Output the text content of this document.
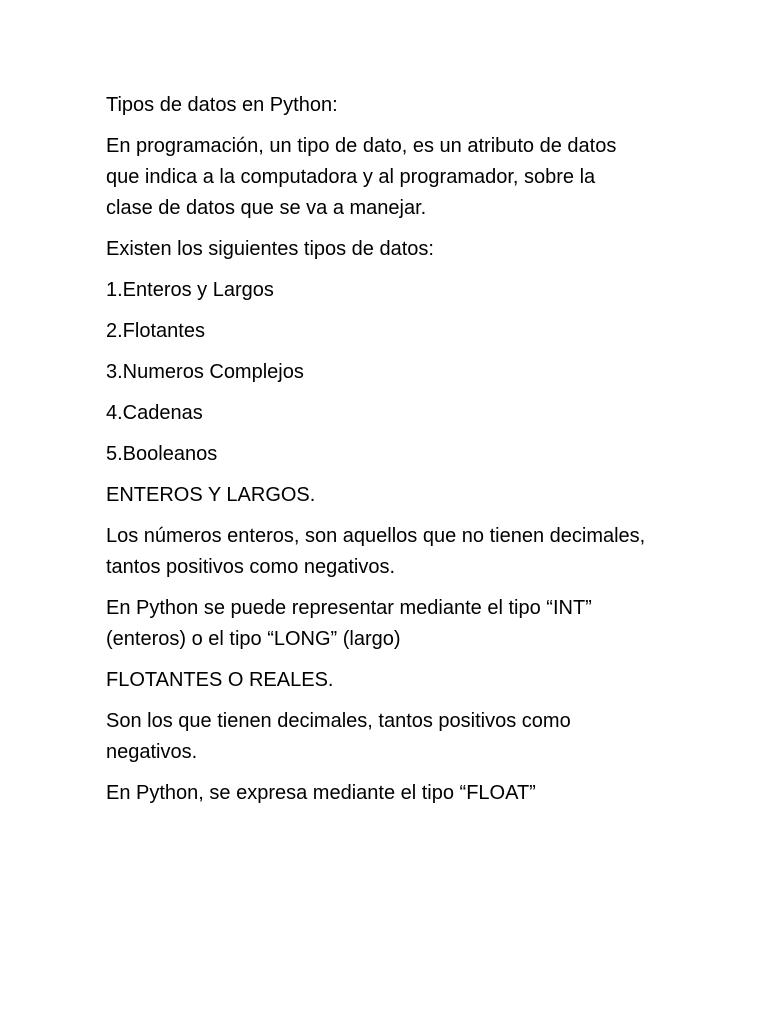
Tipos de datos en Python:

En programación, un tipo de dato, es un atributo de datos
que indica a la computadora y al programador, sobre la
clase de datos que se va a manejar.

Existen los siguientes tipos de datos:

1.Enteros y Largos

2.Flotantes

3.Numeros Complejos

4.Cadenas

5.Booleanos

ENTEROS Y LARGOS.

Los números enteros, son aquellos que no tienen decimales,
tantos positivos como negativos.

En Python se puede representar mediante el tipo “INT”
(enteros) o el tipo “LONG” (largo)

FLOTANTES O REALES.

Son los que tienen decimales, tantos positivos como
negativos.

En Python, se expresa mediante el tipo “FLOAT”
